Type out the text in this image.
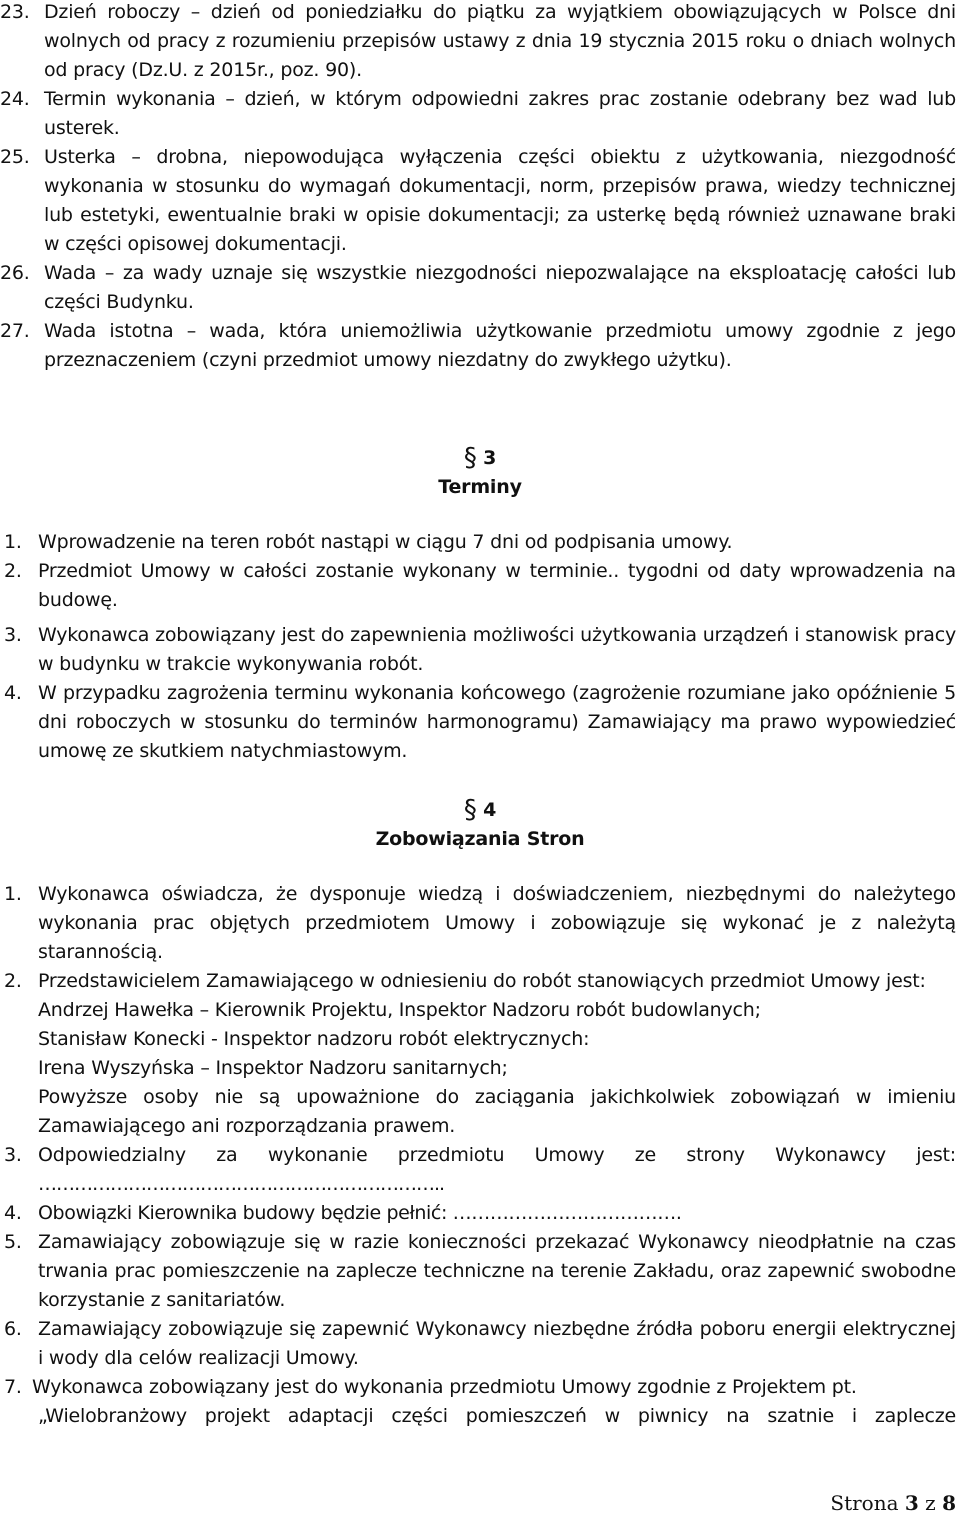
23. Dzień roboczy – dzień od poniedziałku do piątku za wyjątkiem obowiązujących w Polsce dni wolnych od pracy z rozumieniu przepisów ustawy z dnia 19 stycznia 2015 roku o dniach wolnych od pracy (Dz.U. z 2015r., poz. 90).
24. Termin wykonania – dzień, w którym odpowiedni zakres prac zostanie odebrany bez wad lub usterek.
25. Usterka – drobna, niepowodująca wyłączenia części obiektu z użytkowania, niezgodność wykonania w stosunku do wymagań dokumentacji, norm, przepisów prawa, wiedzy technicznej lub estetyki, ewentualnie braki w opisie dokumentacji; za usterkę będą również uznawane braki w części opisowej dokumentacji.
26. Wada – za wady uznaje się wszystkie niezgodności niepozwalające na eksploatację całości lub części Budynku.
27. Wada istotna – wada, która uniemożliwia użytkowanie przedmiotu umowy zgodnie z jego przeznaczeniem (czyni przedmiot umowy niezdatny do zwykłego użytku).
§ 3
Terminy
1. Wprowadzenie na teren robót nastąpi w ciągu 7 dni od podpisania umowy.
2. Przedmiot Umowy w całości zostanie wykonany w terminie.. tygodni od daty wprowadzenia na budowę.
3. Wykonawca zobowiązany jest do zapewnienia możliwości użytkowania urządzeń i stanowisk pracy w budynku w trakcie wykonywania robót.
4. W przypadku zagrożenia terminu wykonania końcowego (zagrożenie rozumiane jako opóźnienie 5 dni roboczych w stosunku do terminów harmonogramu) Zamawiający ma prawo wypowiedzieć umowę ze skutkiem natychmiastowym.
§ 4
Zobowiązania Stron
1. Wykonawca oświadcza, że dysponuje wiedzą i doświadczeniem, niezbędnymi do należytego wykonania prac objętych przedmiotem Umowy i zobowiązuje się wykonać je z należytą starannością.
2. Przedstawicielem Zamawiającego w odniesieniu do robót stanowiących przedmiot Umowy jest:
Andrzej Hawełka – Kierownik Projektu, Inspektor Nadzoru robót budowlanych;
Stanisław Konecki - Inspektor nadzoru robót elektrycznych:
Irena Wyszyńska – Inspektor Nadzoru sanitarnych;
Powyższe osoby nie są upoważnione do zaciągania jakichkolwiek zobowiązań w imieniu Zamawiającego ani rozporządzania prawem.
3. Odpowiedzialny za wykonanie przedmiotu Umowy ze strony Wykonawcy jest:
…………………………………………………………..
4. Obowiązki Kierownika budowy będzie pełnić: ……………………………….
5. Zamawiający zobowiązuje się w razie konieczności przekazać Wykonawcy nieodpłatnie na czas trwania prac pomieszczenie na zaplecze techniczne na terenie Zakładu, oraz zapewnić swobodne korzystanie z sanitariatów.
6. Zamawiający zobowiązuje się zapewnić Wykonawcy niezbędne źródła poboru energii elektrycznej i wody dla celów realizacji Umowy.
7. Wykonawca zobowiązany jest do wykonania przedmiotu Umowy zgodnie z Projektem pt.
„Wielobranżowy projekt adaptacji części pomieszczeń w piwnicy na szatnie i zaplecze
Strona 3 z 8
